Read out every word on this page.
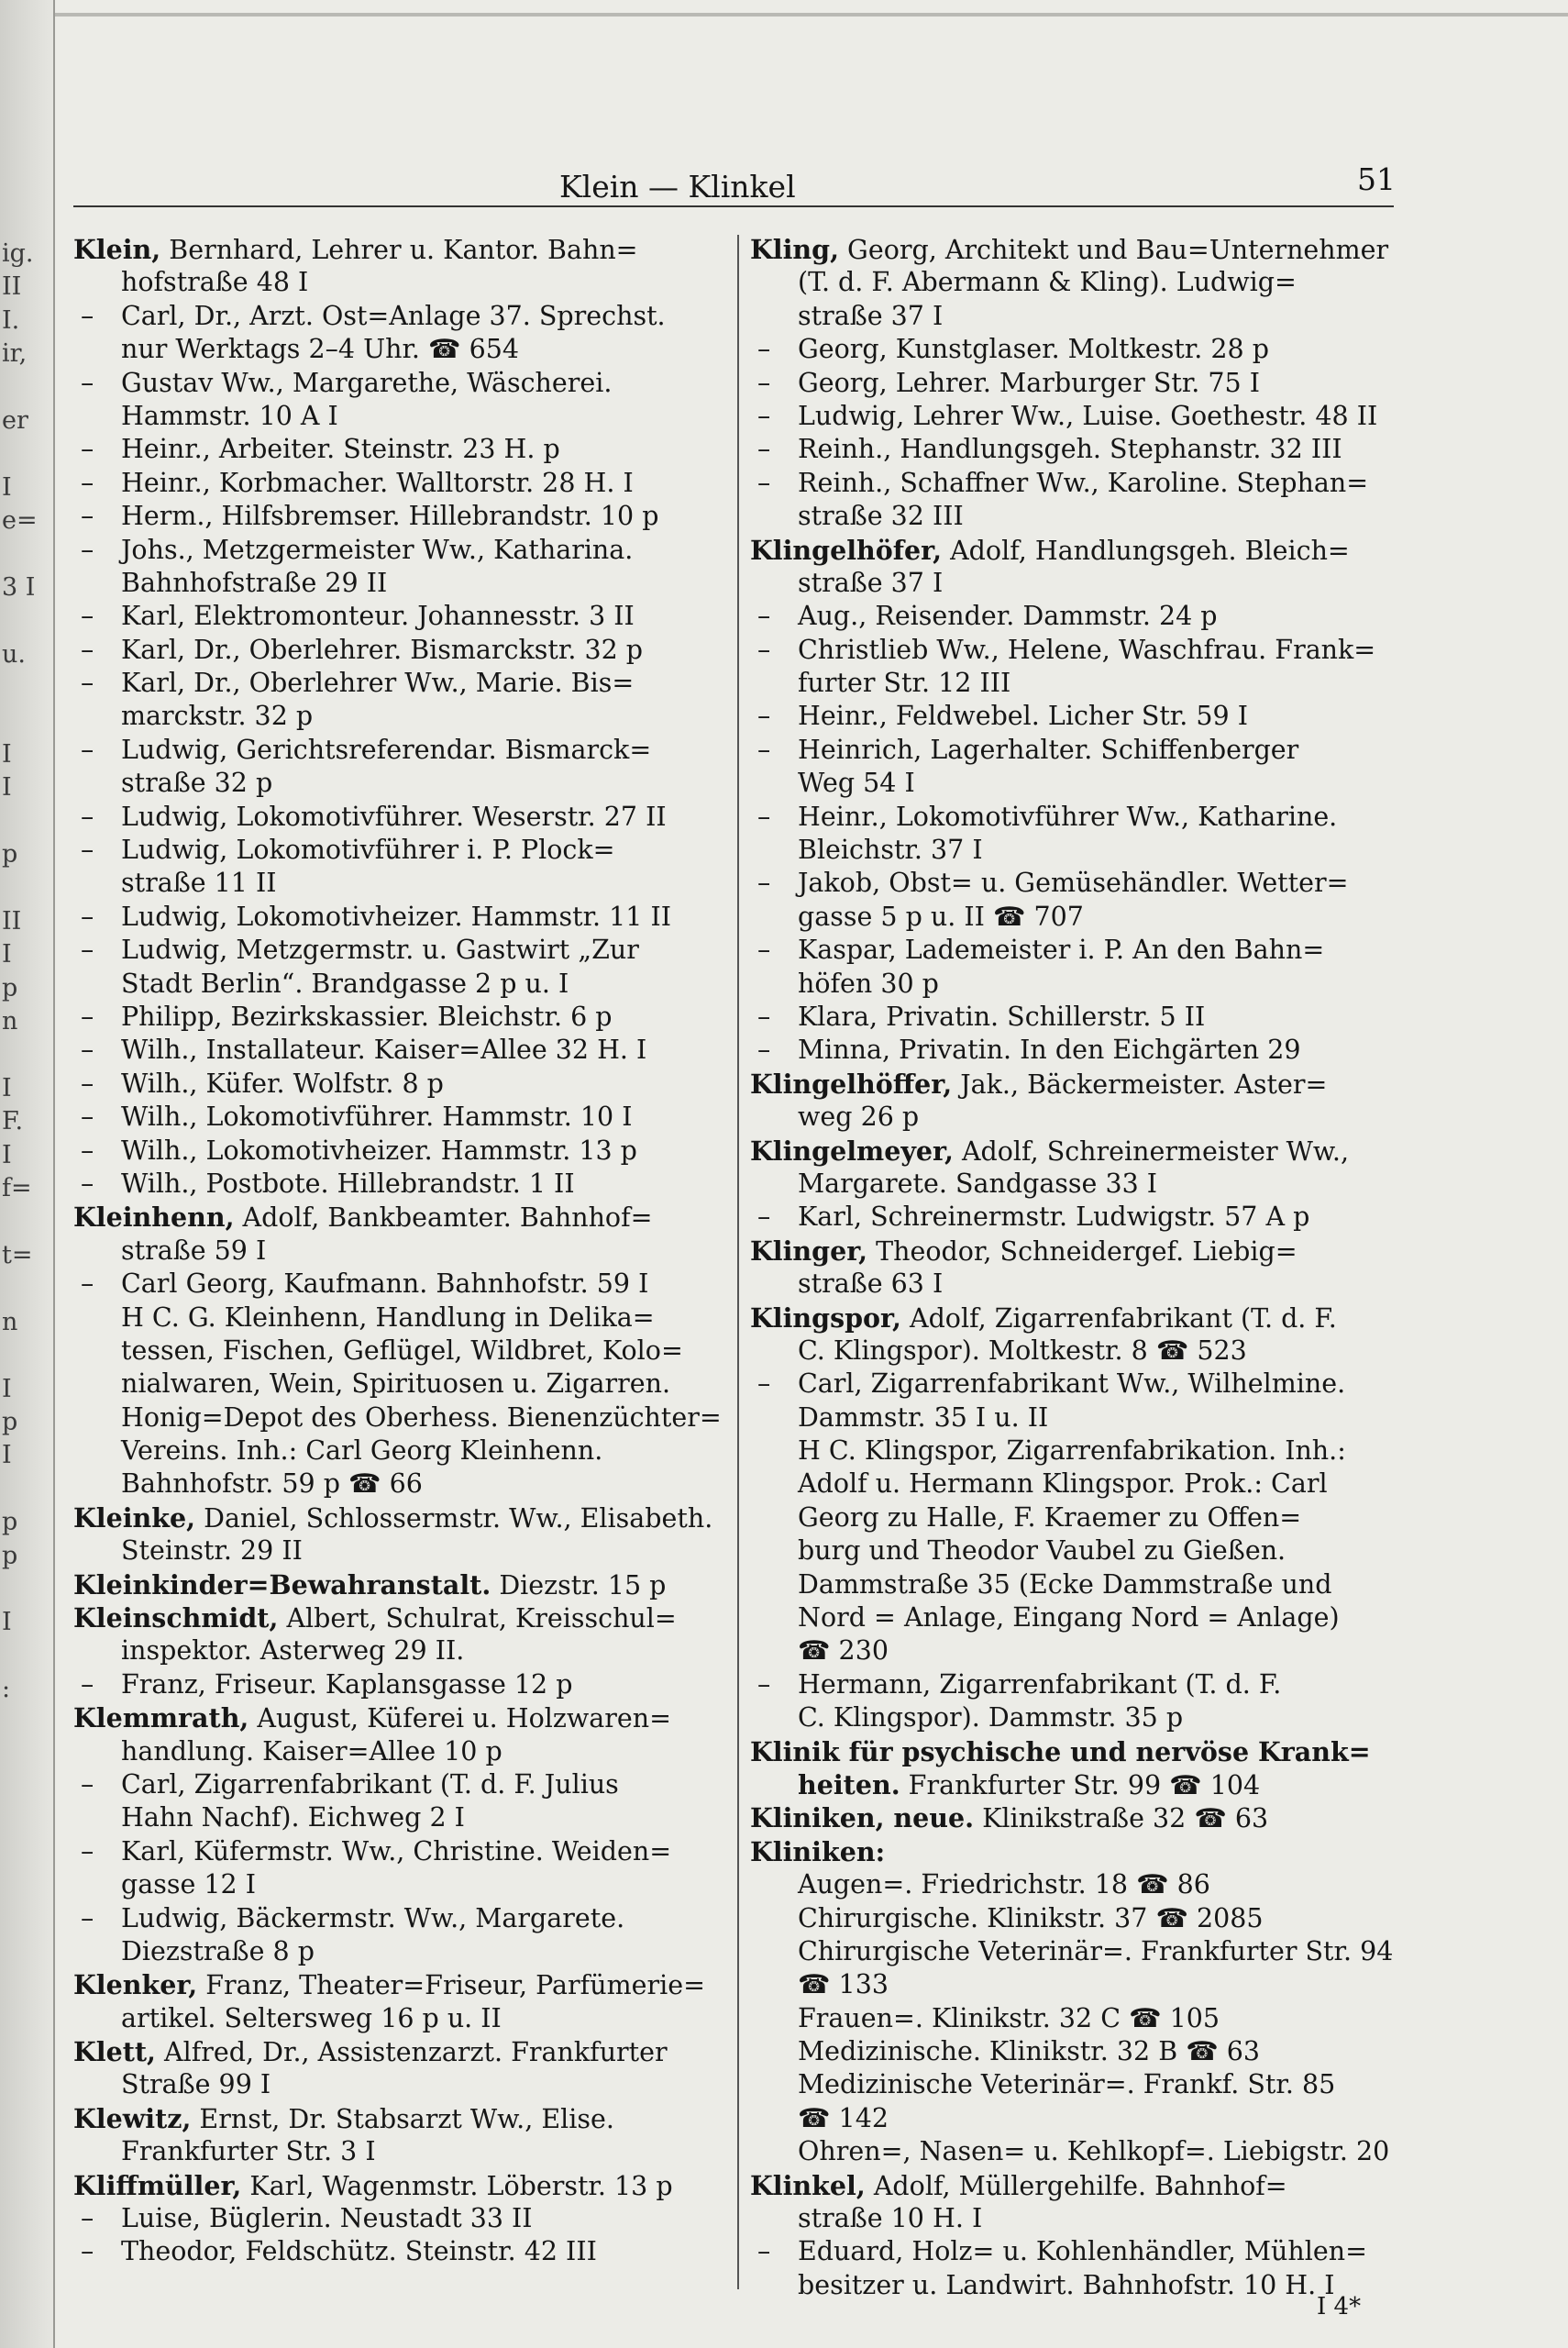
ig.
II
I.
ir,
er
I
e=
3 I
u.
I
I
p
II
I
p
n
I
F.
I
f=
t=
n
I
p
I
p
p
I
:
Klein — Klinkel	51
Klein, Bernhard, Lehrer u. Kantor. Bahn=
hofstraße 48 I
– Carl, Dr., Arzt. Ost=Anlage 37. Sprechst.
nur Werktags 2–4 Uhr. ☎ 654
– Gustav Ww., Margarethe, Wäscherei.
Hammstr. 10 A I
– Heinr., Arbeiter. Steinstr. 23 H. p
– Heinr., Korbmacher. Walltorstr. 28 H. I
– Herm., Hilfsbremser. Hillebrandstr. 10 p
– Johs., Metzgermeister Ww., Katharina.
Bahnhofstraße 29 II
– Karl, Elektromonteur. Johannesstr. 3 II
– Karl, Dr., Oberlehrer. Bismarckstr. 32 p
– Karl, Dr., Oberlehrer Ww., Marie. Bis=
marckstr. 32 p
– Ludwig, Gerichtsreferendar. Bismarck=
straße 32 p
– Ludwig, Lokomotivführer. Weserstr. 27 II
– Ludwig, Lokomotivführer i. P. Plock=
straße 11 II
– Ludwig, Lokomotivheizer. Hammstr. 11 II
– Ludwig, Metzgermstr. u. Gastwirt „Zur
Stadt Berlin“. Brandgasse 2 p u. I
– Philipp, Bezirkskassier. Bleichstr. 6 p
– Wilh., Installateur. Kaiser=Allee 32 H. I
– Wilh., Küfer. Wolfstr. 8 p
– Wilh., Lokomotivführer. Hammstr. 10 I
– Wilh., Lokomotivheizer. Hammstr. 13 p
– Wilh., Postbote. Hillebrandstr. 1 II
Kleinhenn, Adolf, Bankbeamter. Bahnhof=
straße 59 I
– Carl Georg, Kaufmann. Bahnhofstr. 59 I
H C. G. Kleinhenn, Handlung in Delika=
tessen, Fischen, Geflügel, Wildbret, Kolo=
nialwaren, Wein, Spirituosen u. Zigarren.
Honig=Depot des Oberhess. Bienenzüchter=
Vereins. Inh.: Carl Georg Kleinhenn.
Bahnhofstr. 59 p ☎ 66
Kleinke, Daniel, Schlossermstr. Ww., Elisabeth.
Steinstr. 29 II
Kleinkinder=Bewahranstalt. Diezstr. 15 p
Kleinschmidt, Albert, Schulrat, Kreisschul=
inspektor. Asterweg 29 II.
– Franz, Friseur. Kaplansgasse 12 p
Klemmrath, August, Küferei u. Holzwaren=
handlung. Kaiser=Allee 10 p
– Carl, Zigarrenfabrikant (T. d. F. Julius
Hahn Nachf). Eichweg 2 I
– Karl, Küfermstr. Ww., Christine. Weiden=
gasse 12 I
– Ludwig, Bäckermstr. Ww., Margarete.
Diezstraße 8 p
Klenker, Franz, Theater=Friseur, Parfümerie=
artikel. Seltersweg 16 p u. II
Klett, Alfred, Dr., Assistenzarzt. Frankfurter
Straße 99 I
Klewitz, Ernst, Dr. Stabsarzt Ww., Elise.
Frankfurter Str. 3 I
Kliffmüller, Karl, Wagenmstr. Löberstr. 13 p
– Luise, Büglerin. Neustadt 33 II
– Theodor, Feldschütz. Steinstr. 42 III
Kling, Georg, Architekt und Bau=Unternehmer
(T. d. F. Abermann & Kling). Ludwig=
straße 37 I
– Georg, Kunstglaser. Moltkestr. 28 p
– Georg, Lehrer. Marburger Str. 75 I
– Ludwig, Lehrer Ww., Luise. Goethestr. 48 II
– Reinh., Handlungsgeh. Stephanstr. 32 III
– Reinh., Schaffner Ww., Karoline. Stephan=
straße 32 III
Klingelhöfer, Adolf, Handlungsgeh. Bleich=
straße 37 I
– Aug., Reisender. Dammstr. 24 p
– Christlieb Ww., Helene, Waschfrau. Frank=
furter Str. 12 III
– Heinr., Feldwebel. Licher Str. 59 I
– Heinrich, Lagerhalter. Schiffenberger
Weg 54 I
– Heinr., Lokomotivführer Ww., Katharine.
Bleichstr. 37 I
– Jakob, Obst= u. Gemüsehändler. Wetter=
gasse 5 p u. II ☎ 707
– Kaspar, Lademeister i. P. An den Bahn=
höfen 30 p
– Klara, Privatin. Schillerstr. 5 II
– Minna, Privatin. In den Eichgärten 29
Klingelhöffer, Jak., Bäckermeister. Aster=
weg 26 p
Klingelmeyer, Adolf, Schreinermeister Ww.,
Margarete. Sandgasse 33 I
– Karl, Schreinermstr. Ludwigstr. 57 A p
Klinger, Theodor, Schneidergef. Liebig=
straße 63 I
Klingspor, Adolf, Zigarrenfabrikant (T. d. F.
C. Klingspor). Moltkestr. 8 ☎ 523
– Carl, Zigarrenfabrikant Ww., Wilhelmine.
Dammstr. 35 I u. II
H C. Klingspor, Zigarrenfabrikation. Inh.:
Adolf u. Hermann Klingspor. Prok.: Carl
Georg zu Halle, F. Kraemer zu Offen=
burg und Theodor Vaubel zu Gießen.
Dammstraße 35 (Ecke Dammstraße und
Nord = Anlage, Eingang Nord = Anlage)
☎ 230
– Hermann, Zigarrenfabrikant (T. d. F.
C. Klingspor). Dammstr. 35 p
Klinik für psychische und nervöse Krank=
heiten. Frankfurter Str. 99 ☎ 104
Kliniken, neue. Klinikstraße 32 ☎ 63
Kliniken:
Augen=. Friedrichstr. 18 ☎ 86
Chirurgische. Klinikstr. 37 ☎ 2085
Chirurgische Veterinär=. Frankfurter Str. 94
☎ 133
Frauen=. Klinikstr. 32 C ☎ 105
Medizinische. Klinikstr. 32 B ☎ 63
Medizinische Veterinär=. Frankf. Str. 85
☎ 142
Ohren=, Nasen= u. Kehlkopf=. Liebigstr. 20
Klinkel, Adolf, Müllergehilfe. Bahnhof=
straße 10 H. I
– Eduard, Holz= u. Kohlenhändler, Mühlen=
besitzer u. Landwirt. Bahnhofstr. 10 H. I
I 4*
